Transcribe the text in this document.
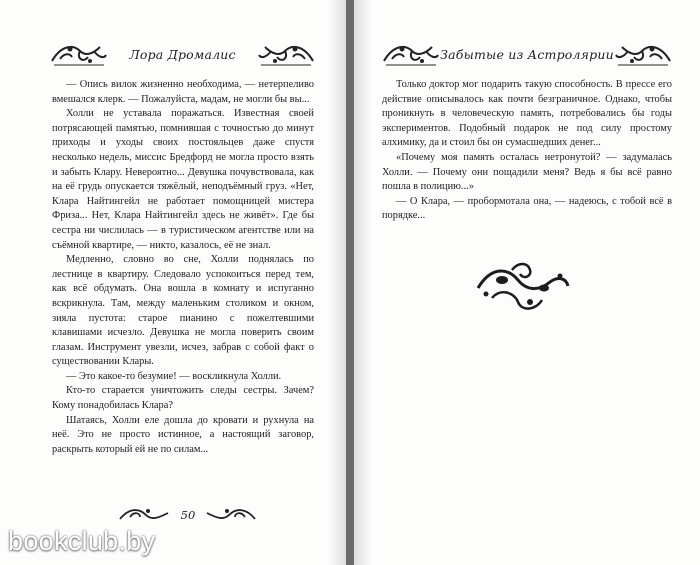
Лора Дромалис

— Опись вилок жизненно необходима, — нетерпеливо вмешался клерк. — Пожалуйста, мадам, не могли бы вы...

Холли не уставала поражаться. Известная своей потрясающей памятью, помнившая с точностью до минут приходы и уходы своих постояльцев даже спустя несколько недель, миссис Бредфорд не могла просто взять и забыть Клару. Невероятно... Девушка почувствовала, как на её грудь опускается тяжёлый, неподъёмный груз. «Нет, Клара Найтингейл не работает помощницей мистера Фриза... Нет, Клара Найтингейл здесь не живёт». Где бы сестра ни числилась — в туристическом агентстве или на съёмной квартире, — никто, казалось, её не знал.

Медленно, словно во сне, Холли поднялась по лестнице в квартиру. Следовало успокоиться перед тем, как всё обдумать. Она вошла в комнату и испуганно вскрикнула. Там, между маленьким столиком и окном, зияла пустота: старое пианино с пожелтевшими клавишами исчезло. Девушка не могла поверить своим глазам. Инструмент увезли, исчез, забрав с собой факт о существовании Клары.

— Это какое-то безумие! — воскликнула Холли.

Кто-то старается уничтожить следы сестры. Зачем? Кому понадобилась Клара?

Шатаясь, Холли еле дошла до кровати и рухнула на неё. Это не просто истинное, а настоящий заговор, раскрыть который ей не по силам...

50
Забытые из Астролярии

Только доктор мог подарить такую способность. В прессе его действие описывалось как почти безграничное. Однако, чтобы проникнуть в человеческую память, потребовались бы годы экспериментов. Подобный подарок не под силу простому алхимику, да и стоил бы он сумасшедших денег...

«Почему моя память осталась нетронутой? — задумалась Холли. — Почему они пощадили меня? Ведь я бы всё равно пошла в полицию...»

— О Клара, — пробормотала она, — надеюсь, с тобой всё в порядке...

bookclub.by
